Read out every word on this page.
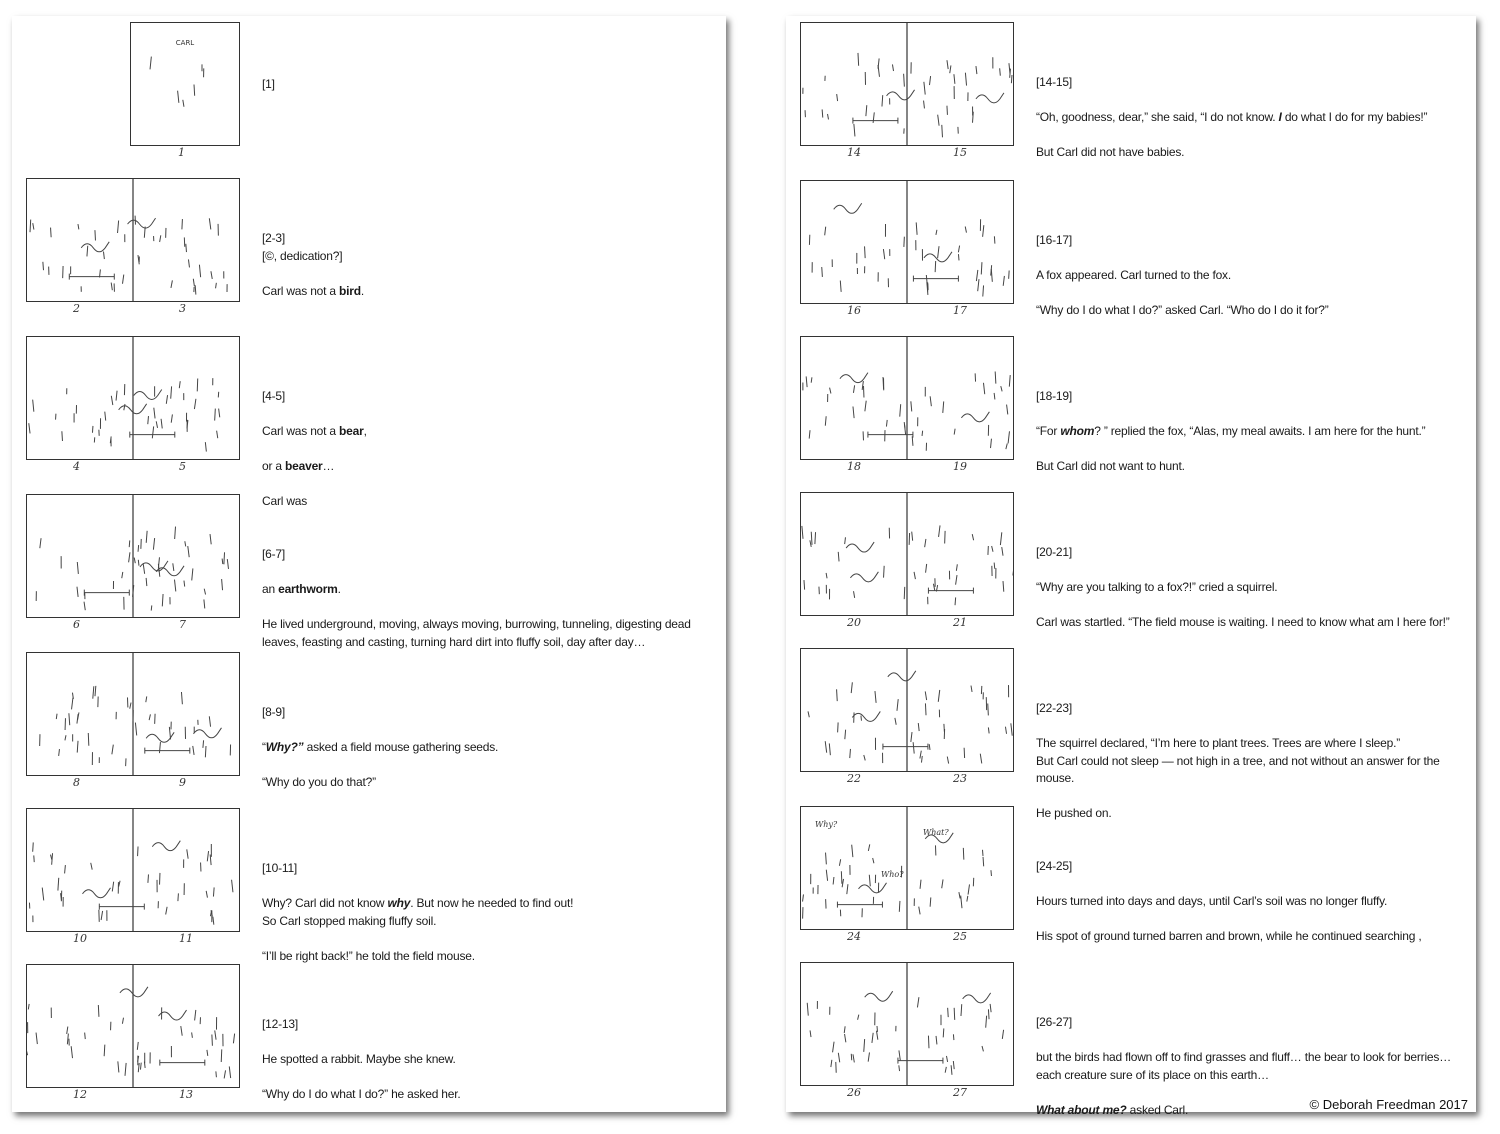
CARL
1

[1]

2	3

[2-3]

[©, dedication?]

Carl was not a bird.

4	5

[4-5]

Carl was not a bear,

or a beaver…

Carl was

6	7

[6-7]

an earthworm.

He lived underground, moving, always moving, burrowing, tunneling, digesting dead

leaves, feasting and casting, turning hard dirt into fluffy soil, day after day…

8	9

[8-9]

“Why?” asked a field mouse gathering seeds.

“Why do you do that?”

10	11

[10-11]

Why? Carl did not know why. But now he needed to find out!

So Carl stopped making fluffy soil.

“I’ll be right back!” he told the field mouse.

12	13

[12-13]

He spotted a rabbit. Maybe she knew.

“Why do I do what I do?” he asked her.

14	15

[14-15]

“Oh, goodness, dear,” she said, “I do not know. I do what I do for my babies!”

But Carl did not have babies.

16	17

[16-17]

A fox appeared. Carl turned to the fox.

“Why do I do what I do?” asked Carl. “Who do I do it for?”

18	19

[18-19]

“For whom? ” replied the fox, “Alas, my meal awaits. I am here for the hunt.”

But Carl did not want to hunt.

20	21

[20-21]

“Why are you talking to a fox?!” cried a squirrel.

Carl was startled. “The field mouse is waiting. I need to know what am I here for!”

22	23

[22-23]

The squirrel declared, “I’m here to plant trees. Trees are where I sleep.”

But Carl could not sleep — not high in a tree, and not without an answer for the mouse.

He pushed on.

Why?
What?
Who?
24	25

[24-25]

Hours turned into days and days, until Carl’s soil was no longer fluffy.

His spot of ground turned barren and brown, while he continued searching ,

26	27

[26-27]

but the birds had flown off to find grasses and fluff… the bear to look for berries…

each creature sure of its place on this earth…

What about me? asked Carl.	© Deborah Freedman 2017
